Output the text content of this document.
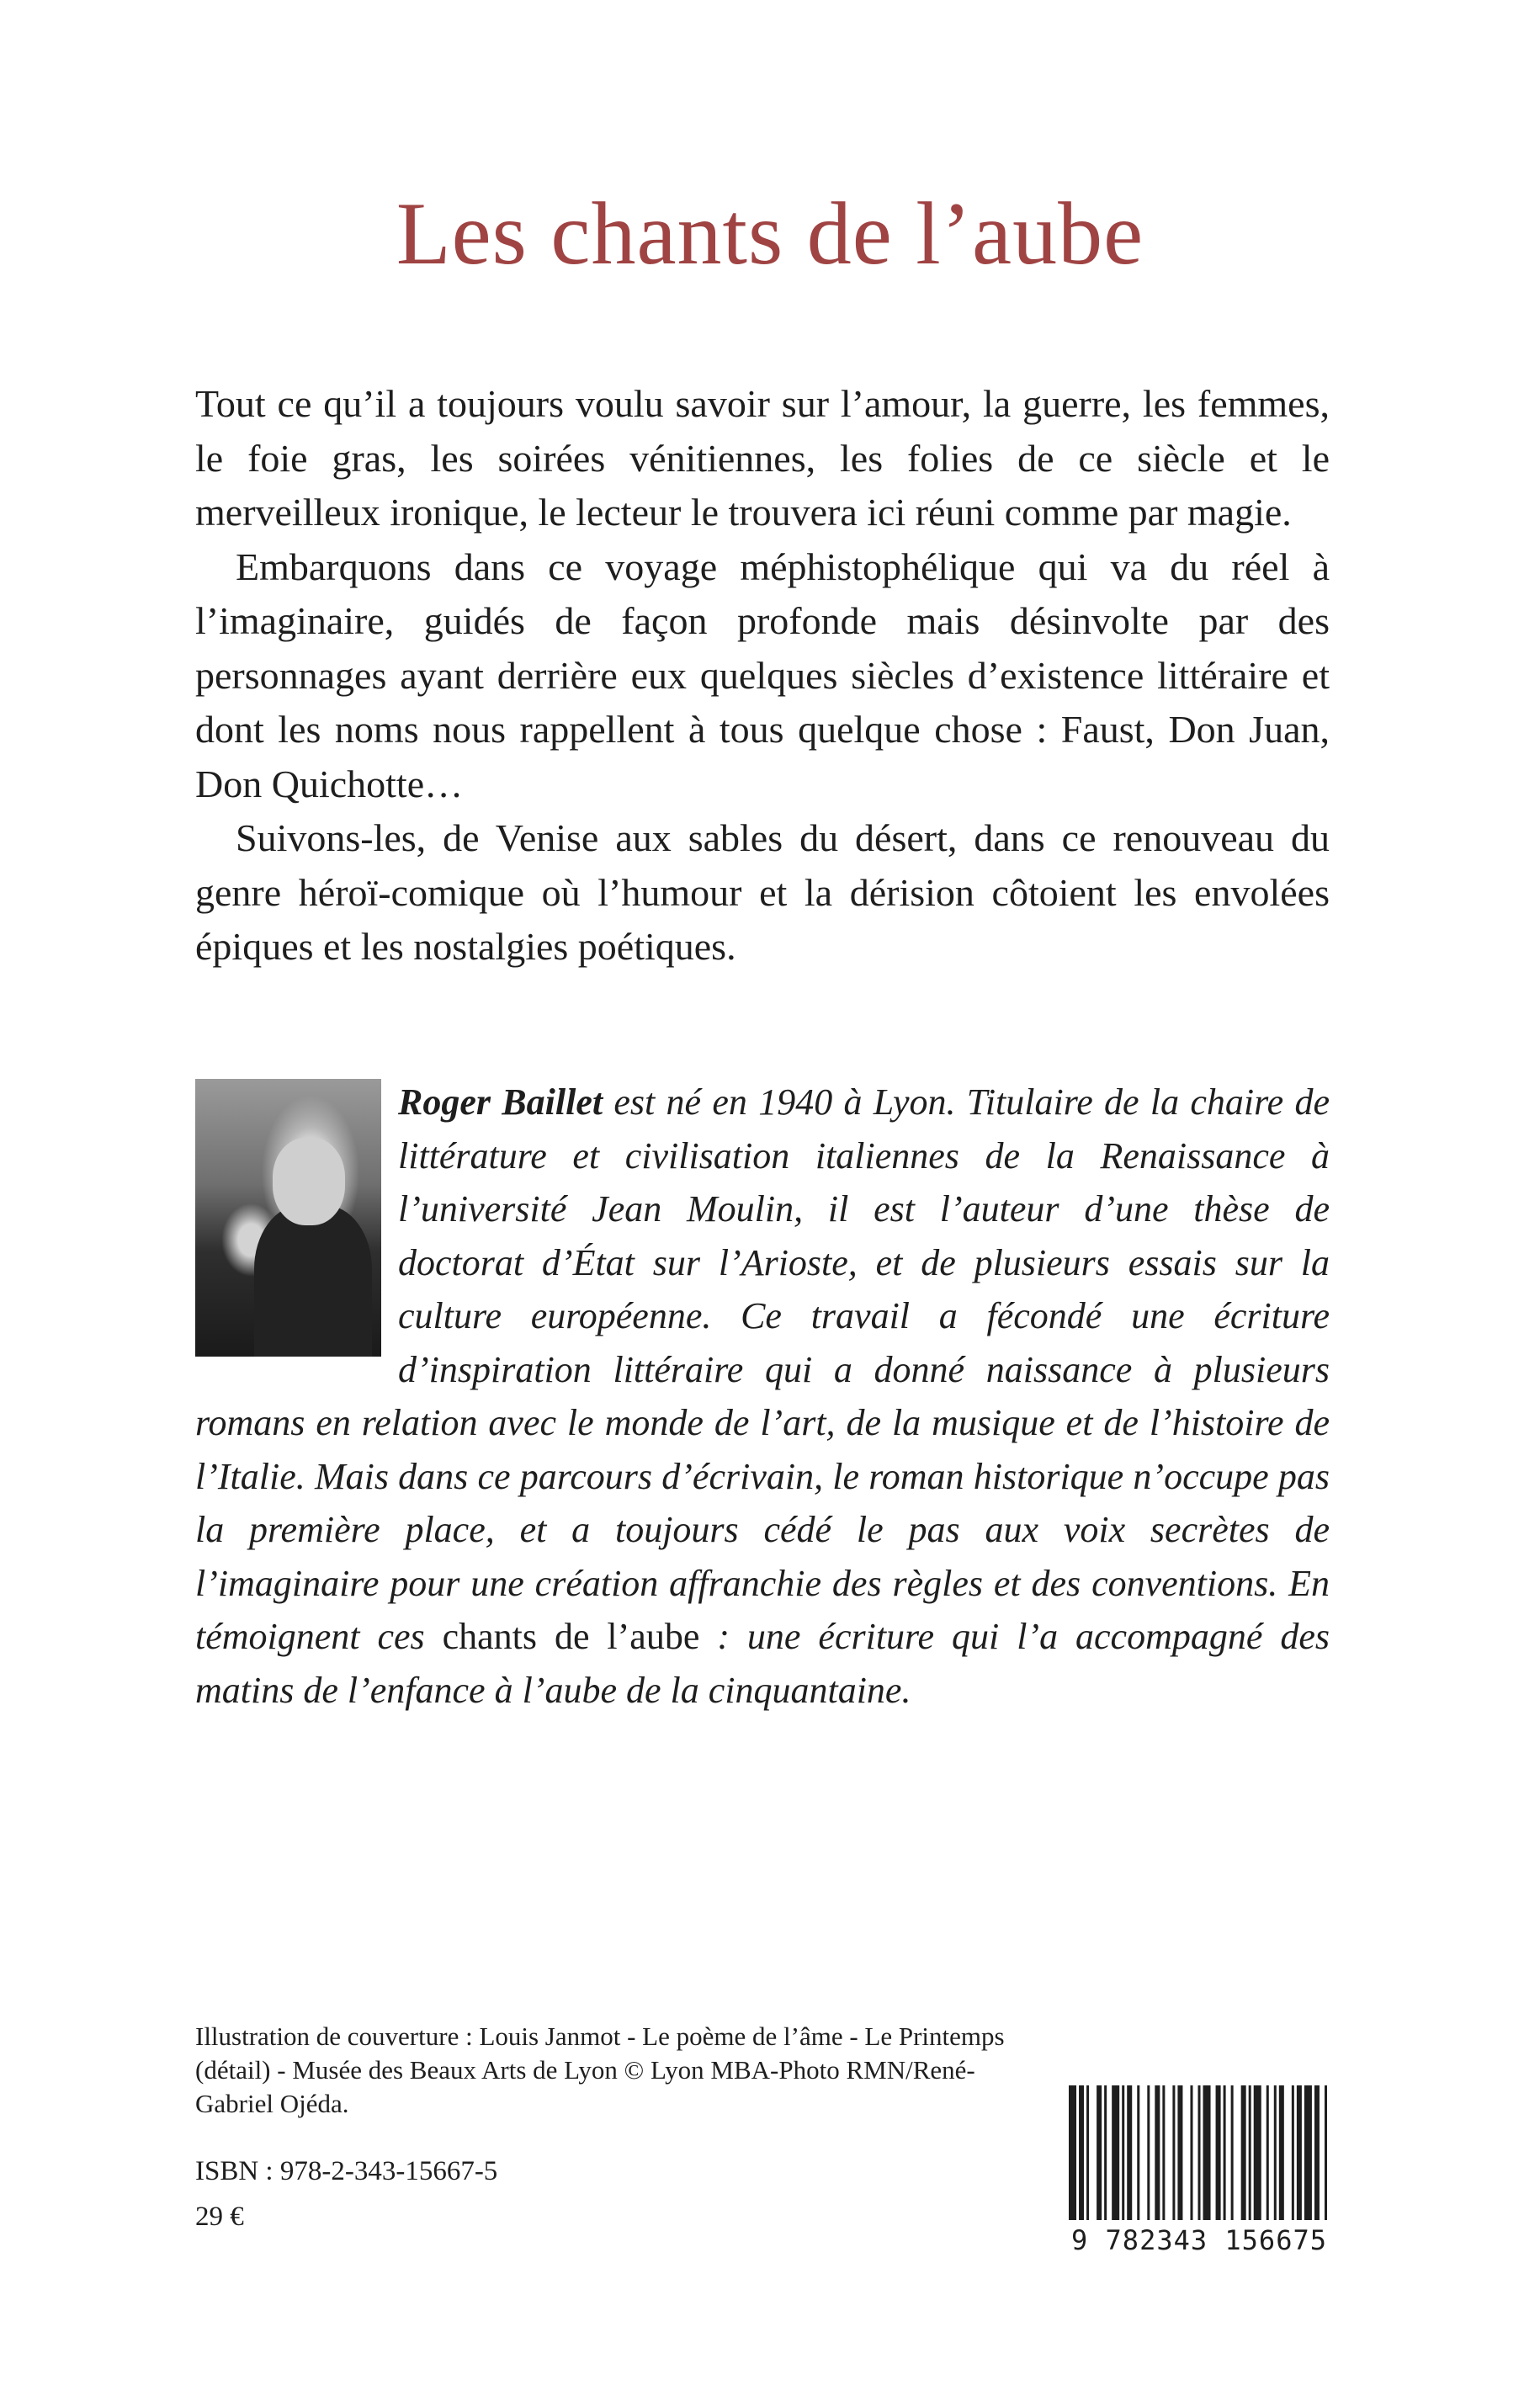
Les chants de l’aube

Tout ce qu’il a toujours voulu savoir sur l’amour, la guerre, les femmes, le foie gras, les soirées vénitiennes, les folies de ce siècle et le merveilleux ironique, le lecteur le trouvera ici réuni comme par magie.

Embarquons dans ce voyage méphistophélique qui va du réel à l’imaginaire, guidés de façon profonde mais désinvolte par des personnages ayant derrière eux quelques siècles d’existence littéraire et dont les noms nous rappellent à tous quelque chose : Faust, Don Juan, Don Quichotte…

Suivons-les, de Venise aux sables du désert, dans ce renouveau du genre héroï-comique où l’humour et la dérision côtoient les envolées épiques et les nostalgies poétiques.

Roger Baillet est né en 1940 à Lyon. Titulaire de la chaire de littérature et civilisation italiennes de la Renaissance à l’université Jean Moulin, il est l’auteur d’une thèse de doctorat d’État sur l’Arioste, et de plusieurs essais sur la culture européenne. Ce travail a fécondé une écriture d’inspiration littéraire qui a donné naissance à plusieurs romans en relation avec le monde de l’art, de la musique et de l’histoire de l’Italie. Mais dans ce parcours d’écrivain, le roman historique n’occupe pas la première place, et a toujours cédé le pas aux voix secrètes de l’imaginaire pour une création affranchie des règles et des conventions. En témoignent ces chants de l’aube : une écriture qui l’a accompagné des matins de l’enfance à l’aube de la cinquantaine.
Illustration de couverture : Louis Janmot - Le poème de l’âme - Le Printemps (détail) - Musée des Beaux Arts de Lyon © Lyon MBA-Photo RMN/René-Gabriel Ojéda.
ISBN : 978-2-343-15667-5
29 €
9 782343 156675
